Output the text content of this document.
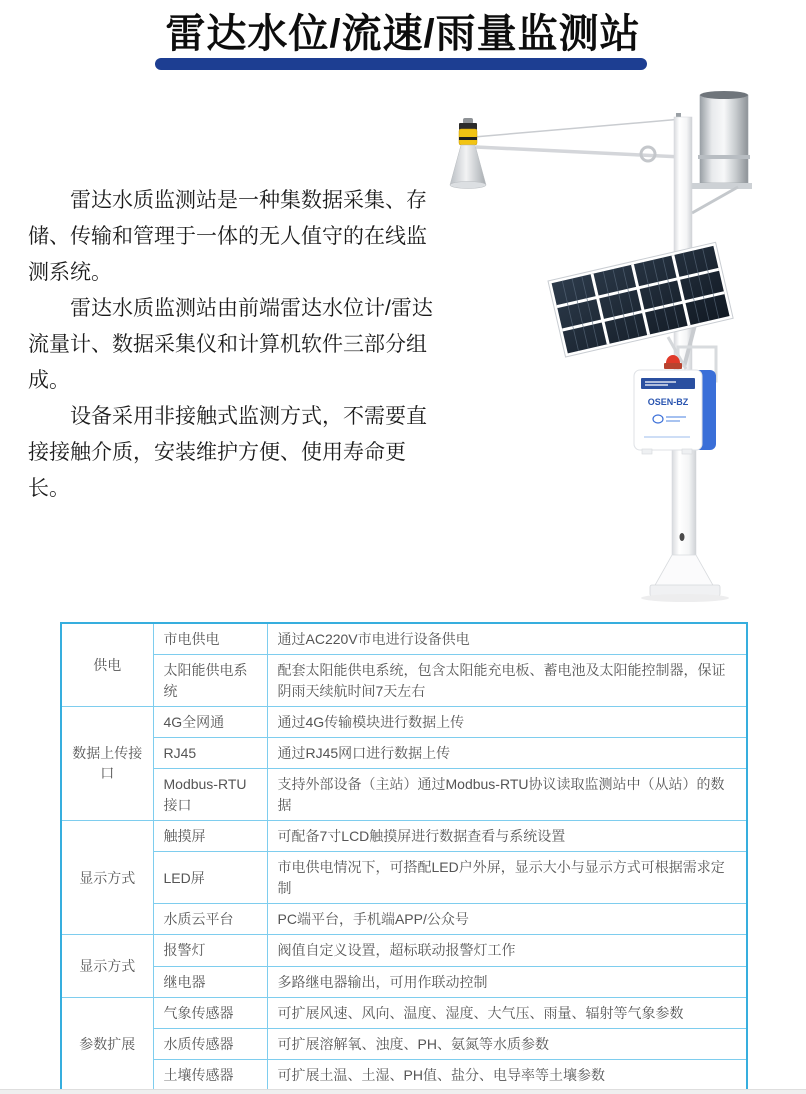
雷达水位/流速/雨量监测站

雷达水质监测站是一种集数据采集、存储、传输和管理于一体的无人值守的在线监测系统。

雷达水质监测站由前端雷达水位计/雷达流量计、数据采集仪和计算机软件三部分组成。

设备采用非接触式监测方式，不需要直接接触介质，安装维护方便、使用寿命更长。

OSEN-BZ
供电	市电供电	通过AC220V市电进行设备供电
	太阳能供电系统	配套太阳能供电系统，包含太阳能充电板、蓄电池及太阳能控制器，保证阴雨天续航时间7天左右
数据上传接口	4G全网通	通过4G传输模块进行数据上传
	RJ45	通过RJ45网口进行数据上传
	Modbus-RTU接口	支持外部设备（主站）通过Modbus-RTU协议读取监测站中（从站）的数据
显示方式	触摸屏	可配备7寸LCD触摸屏进行数据查看与系统设置
	LED屏	市电供电情况下，可搭配LED户外屏，显示大小与显示方式可根据需求定制
	水质云平台	PC端平台，手机端APP/公众号
显示方式	报警灯	阀值自定义设置，超标联动报警灯工作
	继电器	多路继电器输出，可用作联动控制
参数扩展	气象传感器	可扩展风速、风向、温度、湿度、大气压、雨量、辐射等气象参数
	水质传感器	可扩展溶解氧、浊度、PH、氨氮等水质参数
	土壤传感器	可扩展土温、土湿、PH值、盐分、电导率等土壤参数
